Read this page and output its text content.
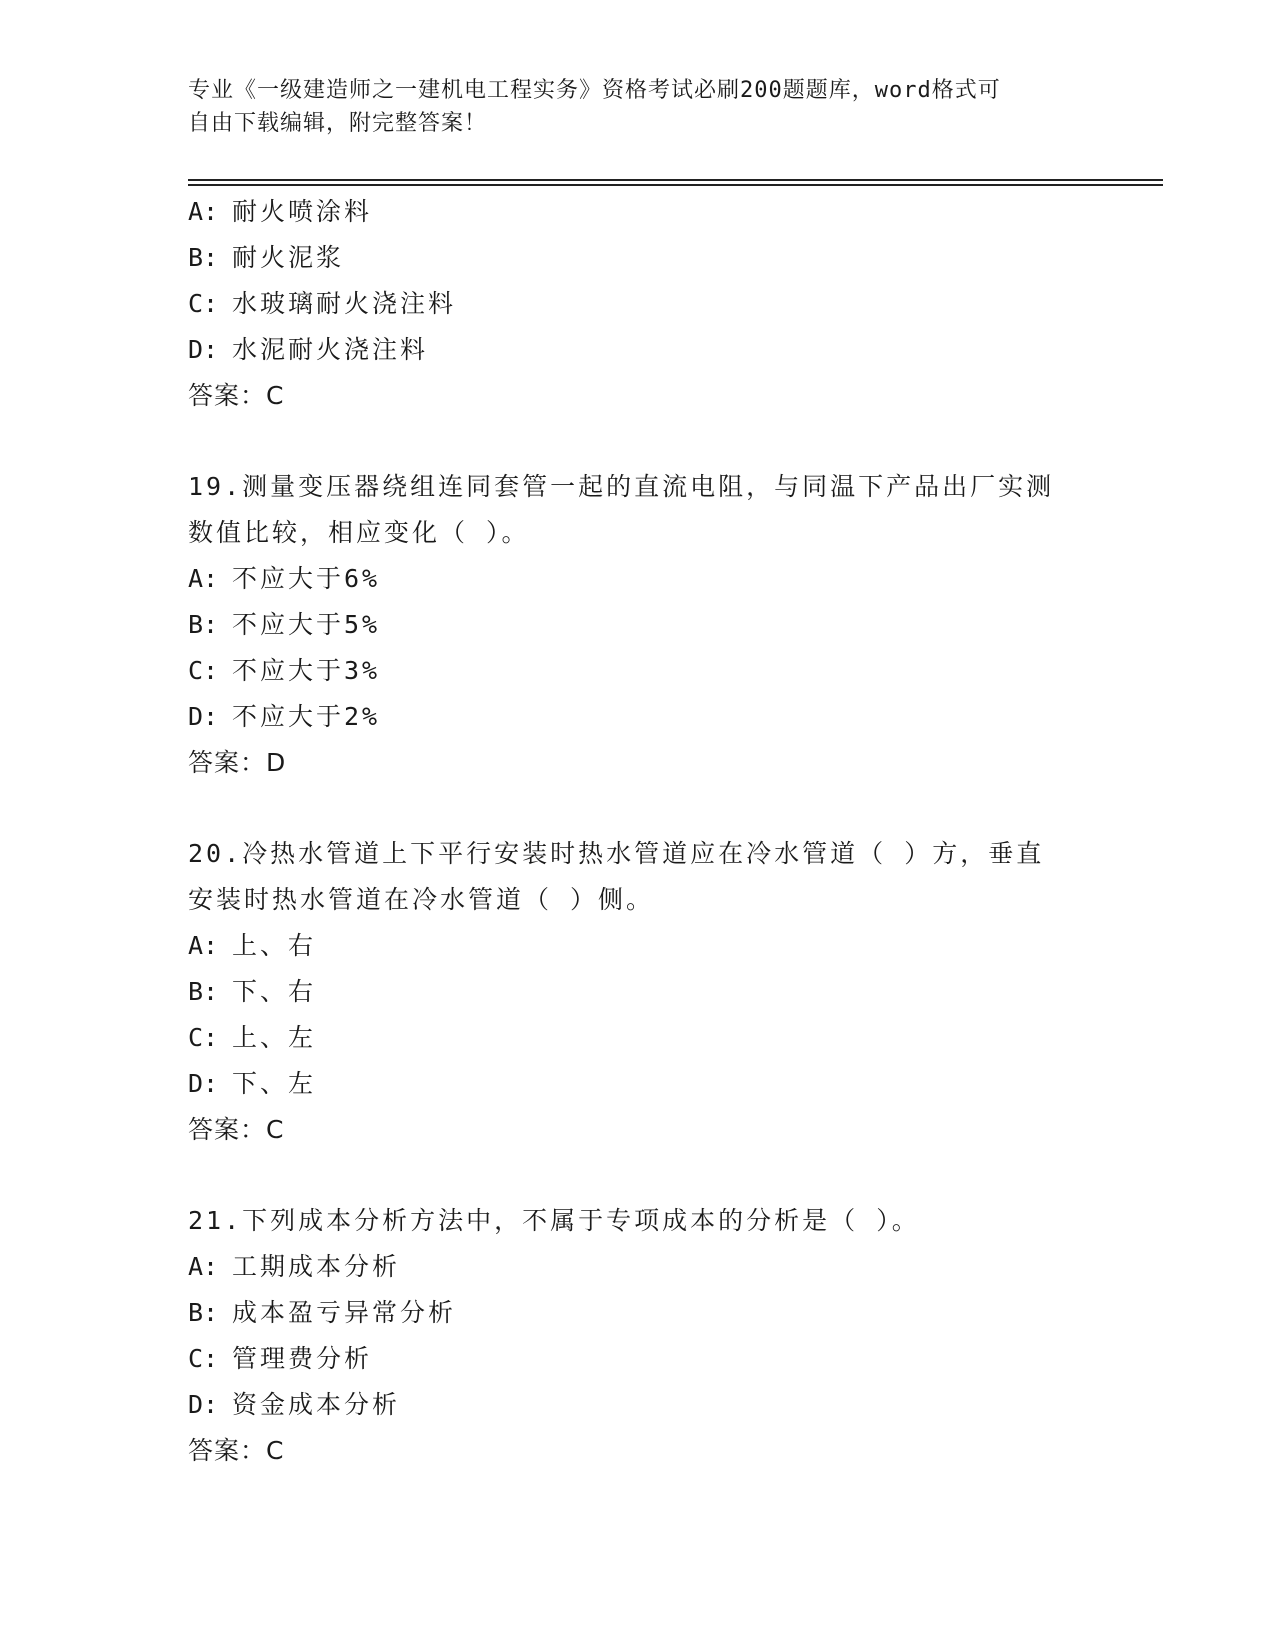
专业《一级建造师之一建机电工程实务》资格考试必刷200题题库，word格式可
自由下载编辑，附完整答案！
A: 耐火喷涂料
B: 耐火泥浆
C: 水玻璃耐火浇注料
D: 水泥耐火浇注料
答案：C
19.测量变压器绕组连同套管一起的直流电阻，与同温下产品出厂实测
数值比较，相应变化（ ）。
A: 不应大于6%
B: 不应大于5%
C: 不应大于3%
D: 不应大于2%
答案：D
20.冷热水管道上下平行安装时热水管道应在冷水管道（ ）方，垂直
安装时热水管道在冷水管道（ ）侧。
A: 上、右
B: 下、右
C: 上、左
D: 下、左
答案：C
21.下列成本分析方法中，不属于专项成本的分析是（ ）。
A: 工期成本分析
B: 成本盈亏异常分析
C: 管理费分析
D: 资金成本分析
答案：C
